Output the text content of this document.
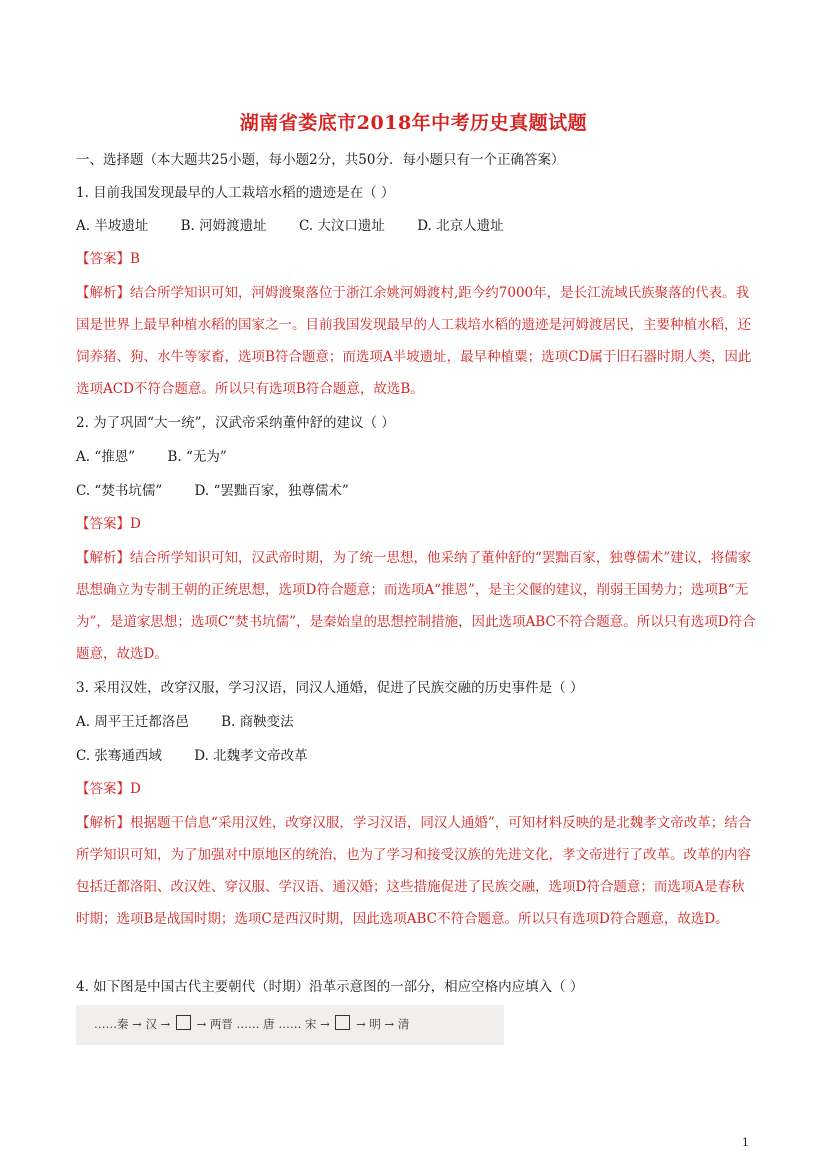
湖南省娄底市2018年中考历史真题试题
一、选择题（本大题共25小题，每小题2分，共50分．每小题只有一个正确答案）
1. 目前我国发现最早的人工栽培水稻的遗迹是在（ ）
A. 半坡遗址 B. 河姆渡遗址 C. 大汶口遗址 D. 北京人遗址
【答案】B
【解析】结合所学知识可知，河姆渡聚落位于浙江余姚河姆渡村,距今约7000年，是长江流域氏族聚落的代表。我国是世界上最早种植水稻的国家之一。目前我国发现最早的人工栽培水稻的遗迹是河姆渡居民，主要种植水稻，还饲养猪、狗、水牛等家畜，选项B符合题意；而选项A半坡遗址，最早种植粟；选项CD属于旧石器时期人类，因此选项ACD不符合题意。所以只有选项B符合题意，故选B。
2. 为了巩固“大一统”，汉武帝采纳董仲舒的建议（ ）
A. “推恩” B. “无为”
C. “焚书坑儒” D. “罢黜百家，独尊儒术”
【答案】D
【解析】结合所学知识可知，汉武帝时期，为了统一思想，他采纳了董仲舒的“罢黜百家，独尊儒术”建议，将儒家思想确立为专制王朝的正统思想，选项D符合题意；而选项A“推恩”，是主父偃的建议，削弱王国势力；选项B“无为”，是道家思想；选项C“焚书坑儒”，是秦始皇的思想控制措施，因此选项ABC不符合题意。所以只有选项D符合题意，故选D。
3. 采用汉姓，改穿汉服，学习汉语，同汉人通婚，促进了民族交融的历史事件是（ ）
A. 周平王迁都洛邑 B. 商鞅变法
C. 张骞通西域 D. 北魏孝文帝改革
【答案】D
【解析】根据题干信息“采用汉姓，改穿汉服，学习汉语，同汉人通婚”，可知材料反映的是北魏孝文帝改革；结合所学知识可知，为了加强对中原地区的统治，也为了学习和接受汉族的先进文化，孝文帝进行了改革。改革的内容包括迁都洛阳、改汉姓、穿汉服、学汉语、通汉婚；这些措施促进了民族交融，选项D符合题意；而选项A是春秋时期；选项B是战国时期；选项C是西汉时期，因此选项ABC不符合题意。所以只有选项D符合题意，故选D。
4. 如下图是中国古代主要朝代（时期）沿革示意图的一部分，相应空格内应填入（ ）
……秦 → 汉 → → 两晋 …… 唐 …… 宋 → → 明 → 清
1
